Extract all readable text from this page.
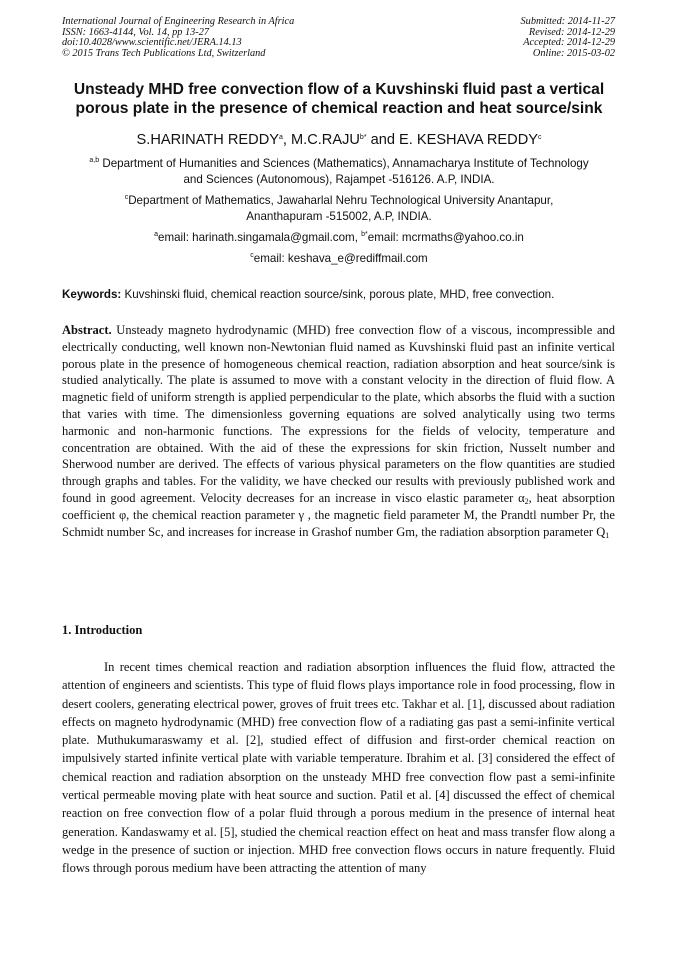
International Journal of Engineering Research in Africa
ISSN: 1663-4144, Vol. 14, pp 13-27
doi:10.4028/www.scientific.net/JERA.14.13
© 2015 Trans Tech Publications Ltd, Switzerland
Submitted: 2014-11-27
Revised: 2014-12-29
Accepted: 2014-12-29
Online: 2015-03-02
Unsteady MHD free convection flow of a Kuvshinski fluid past a vertical
porous plate in the presence of chemical reaction and heat source/sink
S.HARINATH REDDY$^a$, $M.C.RAJU^{b*}$ and E. KESHAVA REDDY$^c$
$^{a,b}$ Department of Humanities and Sciences (Mathematics), Annamacharya Institute of Technology
and Sciences (Autonomous), Rajampet -516126. A.P, INDIA.
$^c$Department of Mathematics, Jawaharlal Nehru Technological University Anantapur,
Ananthapuram -515002, A.P, INDIA.
$^a$email: harinath.singamala@gmail.com, $^{b*}$email: mcrmaths@yahoo.co.in
$^c$email: keshava_e@rediffmail.com
Keywords: Kuvshinski fluid, chemical reaction source/sink, porous plate, MHD, free convection.

Abstract. Unsteady magneto hydrodynamic (MHD) free convection flow of a viscous, incompressible and electrically conducting, well known non-Newtonian fluid named as Kuvshinski fluid past an infinite vertical porous plate in the presence of homogeneous chemical reaction, radiation absorption and heat source/sink is studied analytically. The plate is assumed to move with a constant velocity in the direction of fluid flow. A magnetic field of uniform strength is applied perpendicular to the plate, which absorbs the fluid with a suction that varies with time. The dimensionless governing equations are solved analytically using two terms harmonic and non-harmonic functions. The expressions for the fields of velocity, temperature and concentration are obtained. With the aid of these the expressions for skin friction, Nusselt number and Sherwood number are derived. The effects of various physical parameters on the flow quantities are studied through graphs and tables. For the validity, we have checked our results with previously published work and found in good agreement. Velocity decreases for an increase in visco elastic parameter $\alpha_2$, heat absorption coefficient φ, the chemical reaction parameter γ , the magnetic field parameter M, the Prandtl number Pr, the Schmidt number Sc, and increases for increase in Grashof number Gm, the radiation absorption parameter $Q_1$

1. Introduction

In recent times chemical reaction and radiation absorption influences the fluid flow, attracted the attention of engineers and scientists. This type of fluid flows plays importance role in food processing, flow in desert coolers, generating electrical power, groves of fruit trees etc. Takhar et al. [1], discussed about radiation effects on magneto hydrodynamic (MHD) free convection flow of a radiating gas past a semi-infinite vertical plate. Muthukumaraswamy et al. [2], studied effect of diffusion and first-order chemical reaction on impulsively started infinite vertical plate with variable temperature. Ibrahim et al. [3] considered the effect of chemical reaction and radiation absorption on the unsteady MHD free convection flow past a semi-infinite vertical permeable moving plate with heat source and suction. Patil et al. [4] discussed the effect of chemical reaction on free convection flow of a polar fluid through a porous medium in the presence of internal heat generation. Kandaswamy et al. [5], studied the chemical reaction effect on heat and mass transfer flow along a wedge in the presence of suction or injection. MHD free convection flows occurs in nature frequently. Fluid flows through porous medium have been attracting the attention of many
